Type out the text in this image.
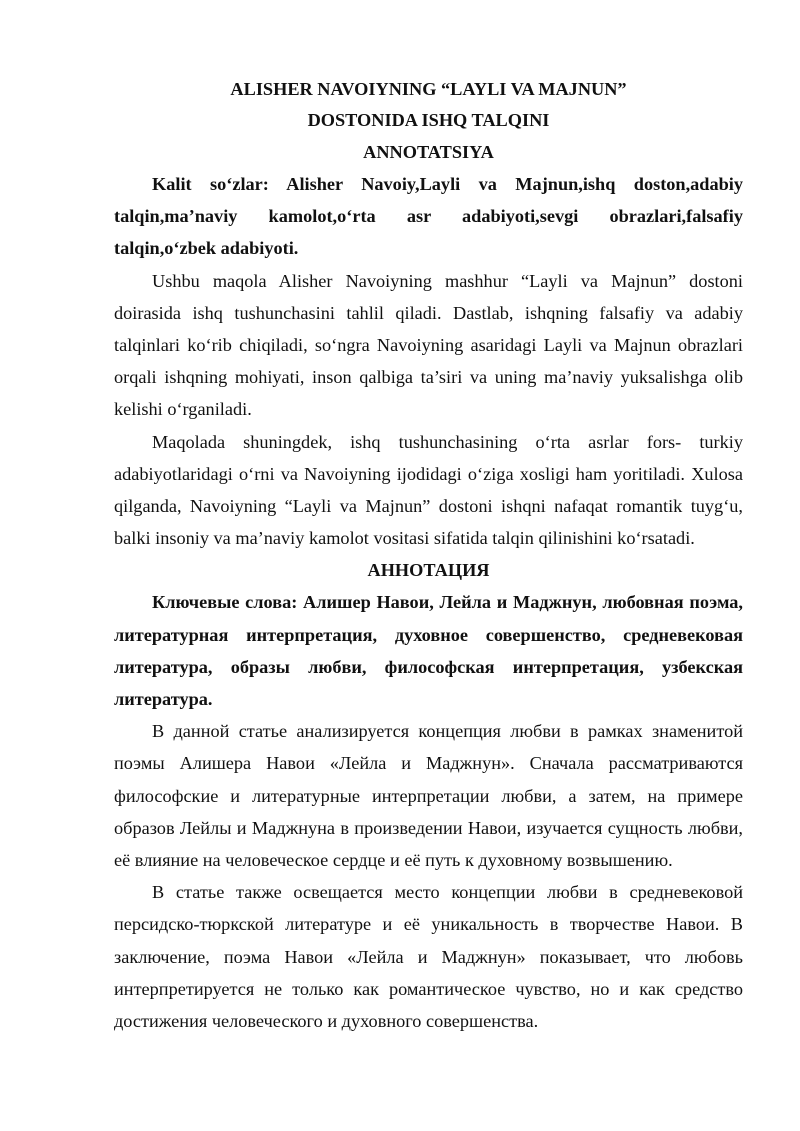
ALISHER NAVOIYNING “LAYLI VA MAJNUN”

DOSTONIDA ISHQ TALQINI

ANNOTATSIYA

Kalit so‘zlar: Alisher Navoiy,Layli va Majnun,ishq doston,adabiy talqin,ma’naviy kamolot,o‘rta asr adabiyoti,sevgi obrazlari,falsafiy talqin,o‘zbek adabiyoti.

Ushbu maqola Alisher Navoiyning mashhur “Layli va Majnun” dostoni doirasida ishq tushunchasini tahlil qiladi. Dastlab, ishqning falsafiy va adabiy talqinlari ko‘rib chiqiladi, so‘ngra Navoiyning asaridagi Layli va Majnun obrazlari orqali ishqning mohiyati, inson qalbiga ta’siri va uning ma’naviy yuksalishga olib kelishi o‘rganiladi.

Maqolada shuningdek, ishq tushunchasining o‘rta asrlar fors- turkiy adabiyotlaridagi o‘rni va Navoiyning ijodidagi o‘ziga xosligi ham yoritiladi. Xulosa qilganda, Navoiyning “Layli va Majnun” dostoni ishqni nafaqat romantik tuyg‘u, balki insoniy va ma’naviy kamolot vositasi sifatida talqin qilinishini ko‘rsatadi.

АННОТАЦИЯ

Ключевые слова: Алишер Навои, Лейла и Маджнун, любовная поэма, литературная интерпретация, духовное совершенство, средневековая литература, образы любви, философская интерпретация, узбекская литература.

В данной статье анализируется концепция любви в рамках знаменитой поэмы Алишера Навои «Лейла и Маджнун». Сначала рассматриваются философские и литературные интерпретации любви, а затем, на примере образов Лейлы и Маджнуна в произведении Навои, изучается сущность любви, её влияние на человеческое сердце и её путь к духовному возвышению.

В статье также освещается место концепции любви в средневековой персидско-тюркской литературе и её уникальность в творчестве Навои. В заключение, поэма Навои «Лейла и Маджнун» показывает, что любовь интерпретируется не только как романтическое чувство, но и как средство достижения человеческого и духовного совершенства.
